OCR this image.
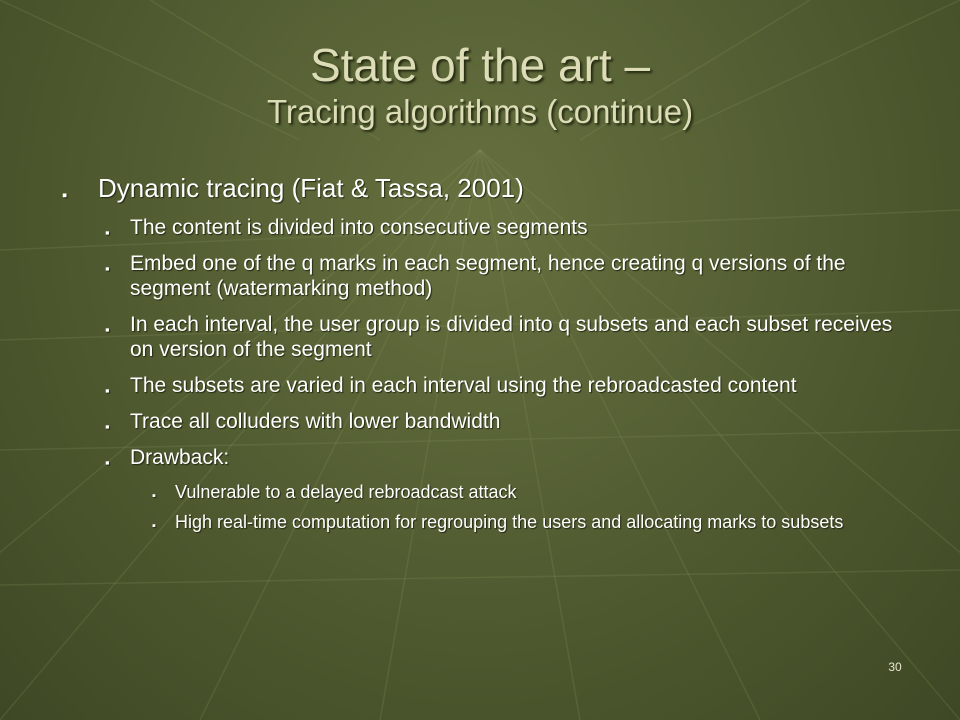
State of the art –
Tracing algorithms (continue)
▪ Dynamic tracing (Fiat & Tassa, 2001)
▪ The content is divided into consecutive segments
▪ Embed one of the q marks in each segment, hence creating q versions of the segment (watermarking method)
▪ In each interval, the user group is divided into q subsets and each subset receives on version of the segment
▪ The subsets are varied in each interval using the rebroadcasted content
▪ Trace all colluders with lower bandwidth
▪ Drawback:
▪ Vulnerable to a delayed rebroadcast attack
▪ High real-time computation for regrouping the users and allocating marks to subsets
30
